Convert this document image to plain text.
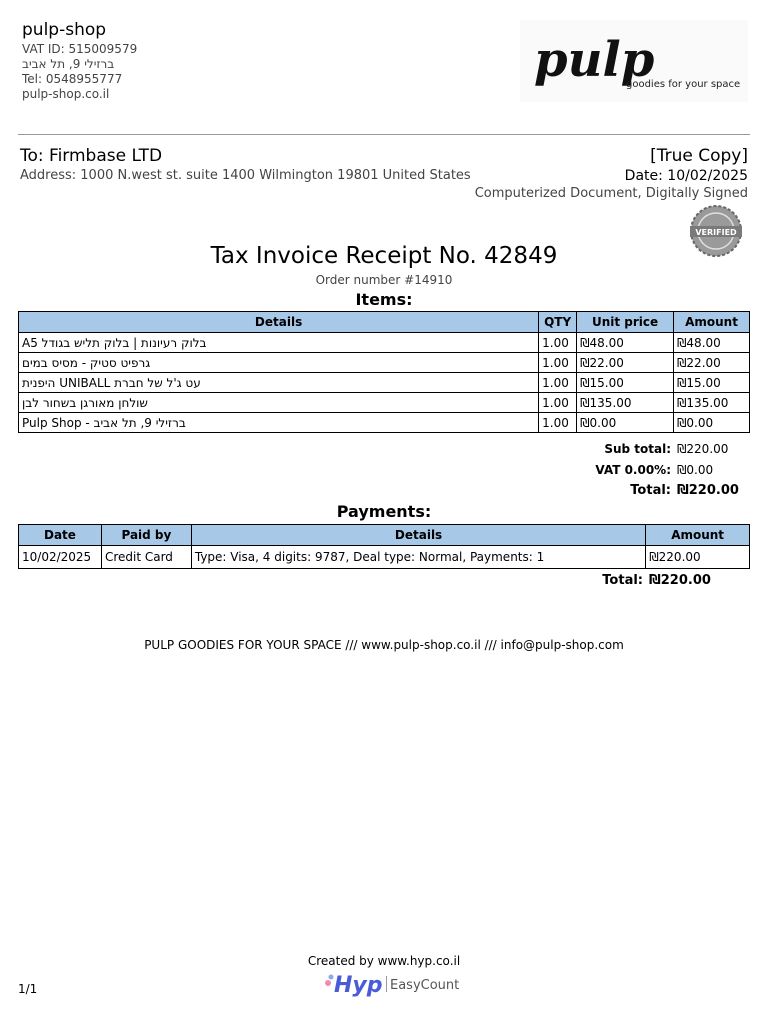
pulp-shop
VAT ID: 515009579
ברזילי 9, תל אביב
Tel: 0548955777
pulp-shop.co.il
pulp
goodies for your space
To: Firmbase LTD
Address: 1000 N.west st. suite 1400 Wilmington 19801 United States
[True Copy]
Date: 10/02/2025
Computerized Document, Digitally Signed
VERIFIED
Tax Invoice Receipt No. 42849
Order number #14910
Items:
Details	QTY	Unit price	Amount
A5 בלוק רעיונות | בלוק תליש בגודל	1.00	₪48.00	₪48.00
גרפיט סטיק - מסיס במים	1.00	₪22.00	₪22.00
עט ג'ל של חברת UNIBALL היפנית	1.00	₪15.00	₪15.00
שולחן מאורגן בשחור לבן	1.00	₪135.00	₪135.00
Pulp Shop - ברזילי 9, תל אביב	1.00	₪0.00	₪0.00
Sub total: ₪220.00
VAT 0.00%: ₪0.00
Total: ₪220.00
Payments:
Date	Paid by	Details	Amount
10/02/2025	Credit Card	Type: Visa, 4 digits: 9787, Deal type: Normal, Payments: 1	₪220.00
Total: ₪220.00
PULP GOODIES FOR YOUR SPACE /// www.pulp-shop.co.il /// info@pulp-shop.com
Created by www.hyp.co.il
Hyp EasyCount
1/1
